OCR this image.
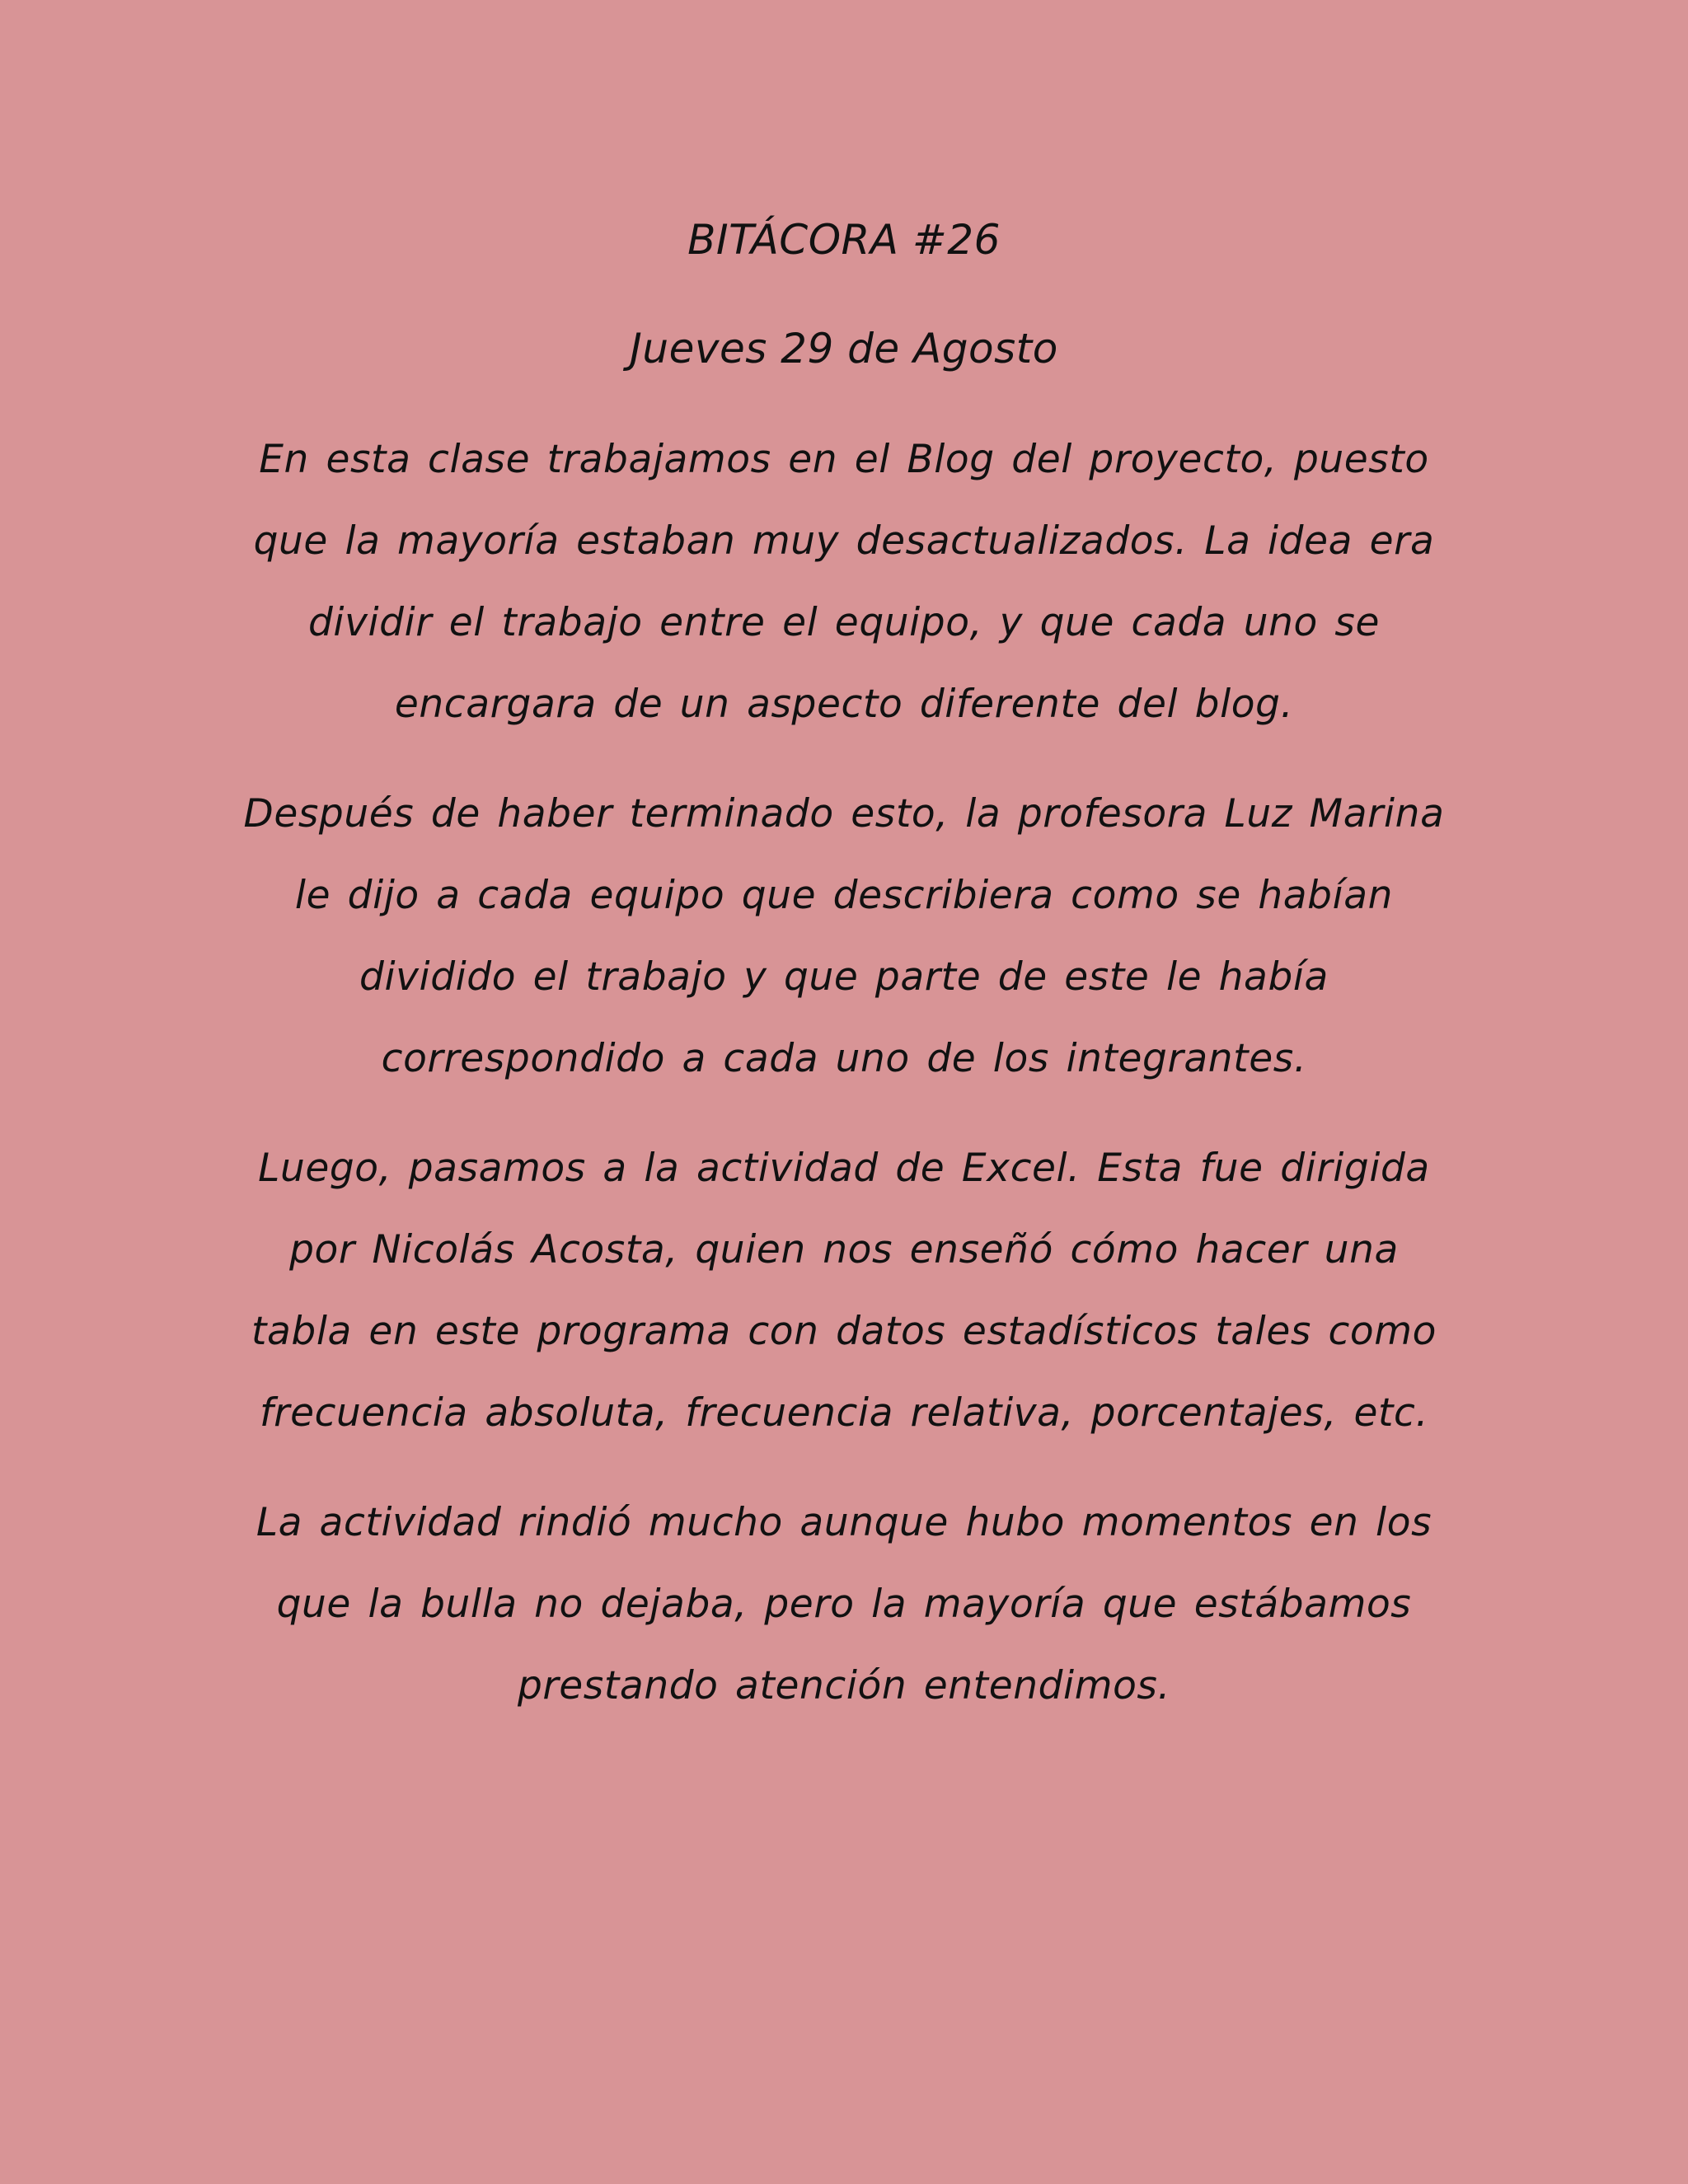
BITÁCORA #26

Jueves 29 de Agosto

En esta clase trabajamos en el Blog del proyecto, puesto que la mayoría estaban muy desactualizados. La idea era dividir el trabajo entre el equipo, y que cada uno se encargara de un aspecto diferente del blog.

Después de haber terminado esto, la profesora Luz Marina le dijo a cada equipo que describiera como se habían dividido el trabajo y que parte de este le había correspondido a cada uno de los integrantes.

Luego, pasamos a la actividad de Excel. Esta fue dirigida por Nicolás Acosta, quien nos enseñó cómo hacer una tabla en este programa con datos estadísticos tales como frecuencia absoluta, frecuencia relativa, porcentajes, etc.

La actividad rindió mucho aunque hubo momentos en los que la bulla no dejaba, pero la mayoría que estábamos prestando atención entendimos.
